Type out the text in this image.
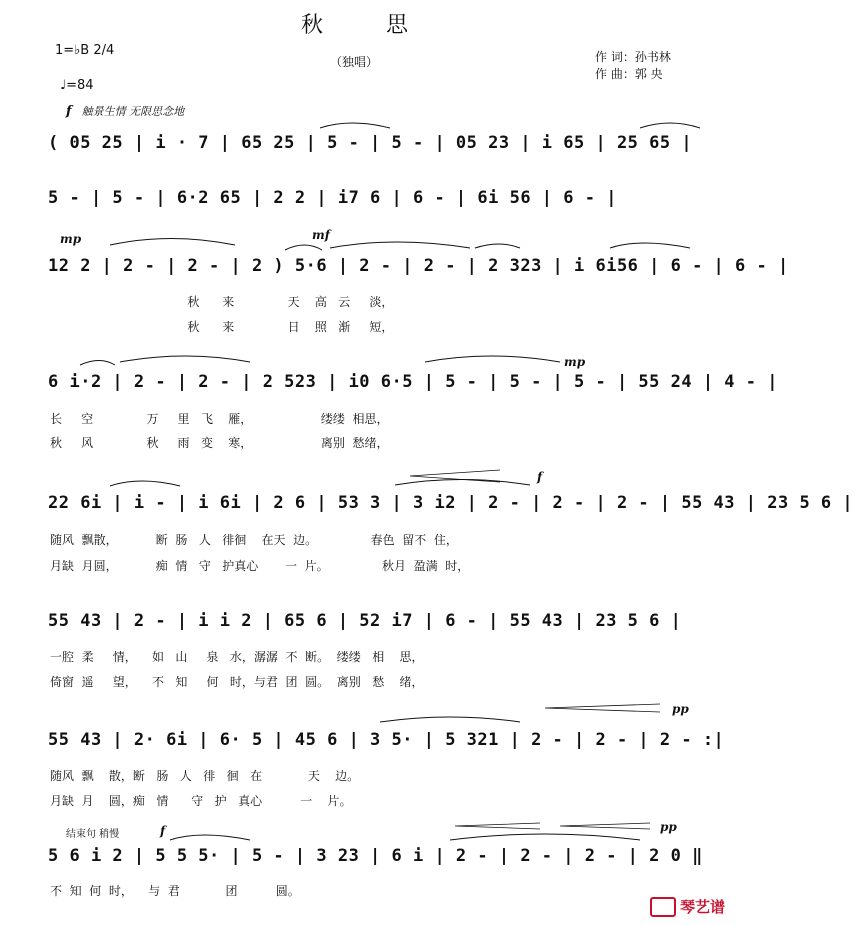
秋 思
（独唱）	作 词：孙书林
作 曲：郭 央
1=♭B 2/4
♩=84
f 触景生情 无限思念地
( 05 25 | i · 7 | 65 25 | 5 - | 5 - | 05 23 | i 65 | 25 65 |
5 - | 5 - | 6·2 65 | 2 2 | i7 6 | 6 - | 6i 56 | 6 - |
mp	mf
12 2 | 2 - | 2 - | 2 ) 5·6 | 2 - | 2 - | 2 323 | i 6i56 | 6 - | 6 - |
秋      来              天    高   云     淡，
秋      来              日    照   渐     短，
mp
6 i·2 | 2 - | 2 - | 2 523 | i0 6·5 | 5 - | 5 - | 5 - | 55 24 | 4 - |
长     空              万     里   飞    雁，                  缕缕  相思，
秋     风              秋     雨   变    寒，                  离别  愁绪，
f
22 6i | i - | i 6i | 2 6 | 53 3 | 3 i2 | 2 - | 2 - | 2 - | 55 43 | 23 5 6 |
随风  飘散，          断  肠   人   徘徊    在天  边。              春色  留不  住，
月缺  月圆，          痴  情   守   护真心       一  片。              秋月  盈满  时，
55 43 | 2 - | i i 2 | 65 6 | 52 i7 | 6 - | 55 43 | 23 5 6 |
一腔  柔     情，    如   山     泉   水，潺潺  不  断。  缕缕   相    思，
倚窗  遥     望，    不   知     何   时，与君  团  圆。  离别   愁    绪，
pp
55 43 | 2· 6i | 6· 5 | 45 6 | 3 5· | 5 321 | 2 - | 2 - | 2 - :|
随风  飘    散，断   肠   人   徘   徊   在            天    边。
月缺  月    圆，痴   情      守   护   真心          一    片。
结束句 稍慢	f	pp
5 6 i 2 | 5 5 5· | 5 - | 3 23 | 6 i | 2 - | 2 - | 2 - | 2 0 ‖
不  知  何  时，    与  君            团          圆。
琴艺谱
